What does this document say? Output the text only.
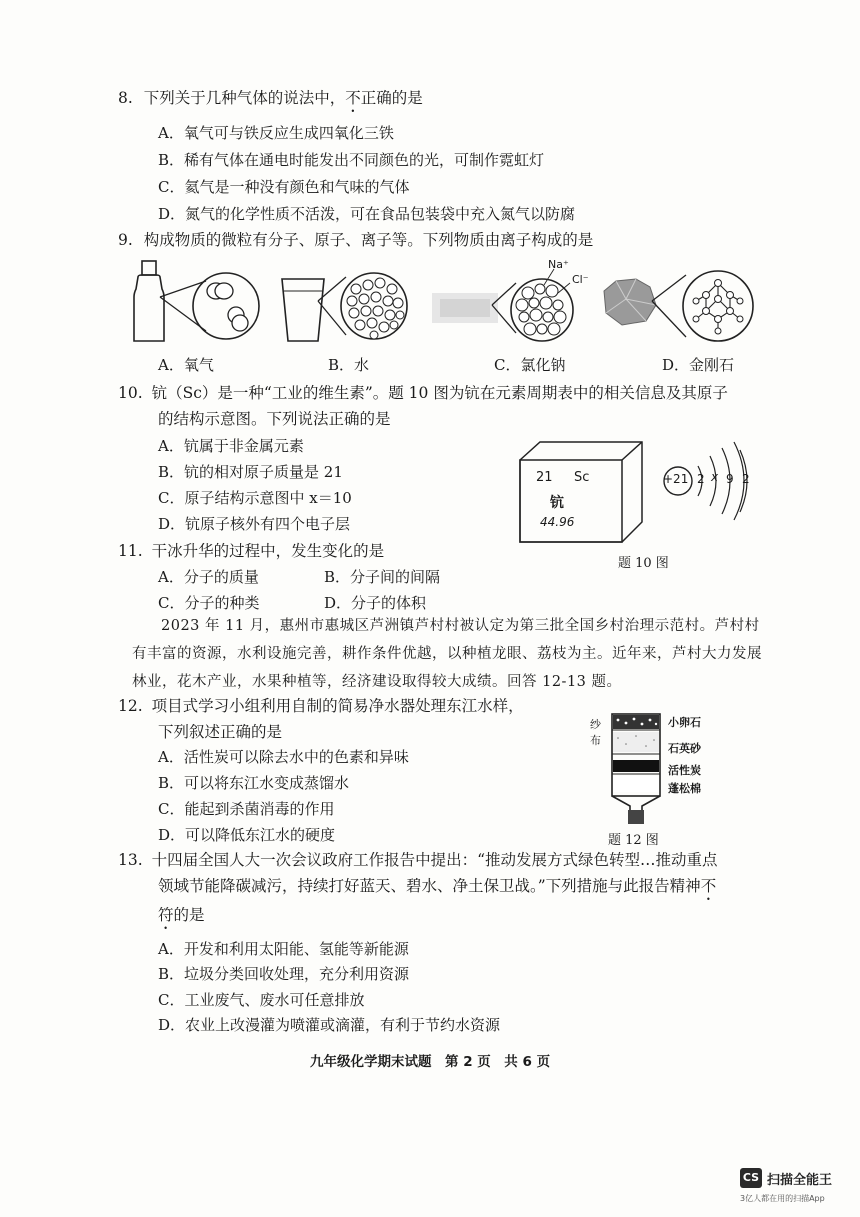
8. 下列关于几种气体的说法中，不正确的是
A．氧气可与铁反应生成四氧化三铁
B．稀有气体在通电时能发出不同颜色的光，可制作霓虹灯
C．氦气是一种没有颜色和气味的气体
D．氮气的化学性质不活泼，可在食品包装袋中充入氮气以防腐
9. 构成物质的微粒有分子、原子、离子等。下列物质由离子构成的是
Na⁺
Cl⁻
A．氧气	B．水	C．氯化钠	D．金刚石
10. 钪（Sc）是一种“工业的维生素”。题 10 图为钪在元素周期表中的相关信息及其原子
的结构示意图。下列说法正确的是
A．钪属于非金属元素
B．钪的相对原子质量是 21
C．原子结构示意图中 x＝10
D．钪原子核外有四个电子层
21 Sc
钪
44.96
+21 2 x 9 2
题 10 图
11. 干冰升华的过程中，发生变化的是
A．分子的质量	B．分子间的间隔
C．分子的种类	D．分子的体积
2023 年 11 月，惠州市惠城区芦洲镇芦村村被认定为第三批全国乡村治理示范村。芦村村有丰富的资源，水利设施完善，耕作条件优越，以种植龙眼、荔枝为主。近年来，芦村大力发展林业，花木产业，水果种植等，经济建设取得较大成绩。回答 12-13 题。
12. 项目式学习小组利用自制的简易净水器处理东江水样，
下列叙述正确的是
A．活性炭可以除去水中的色素和异味
B．可以将东江水变成蒸馏水
C．能起到杀菌消毒的作用
D．可以降低东江水的硬度
纱
布
小卵石
石英砂
活性炭
蓬松棉
题 12 图
13. 十四届全国人大一次会议政府工作报告中提出：“推动发展方式绿色转型…推动重点
领域节能降碳减污，持续打好蓝天、碧水、净土保卫战。”下列措施与此报告精神不
符的是
A．开发和利用太阳能、氢能等新能源
B．垃圾分类回收处理，充分利用资源
C．工业废气、废水可任意排放
D．农业上改漫灌为喷灌或滴灌，有利于节约水资源
九年级化学期末试题　第 2 页　共 6 页
CS 扫描全能王
3亿人都在用的扫描App
